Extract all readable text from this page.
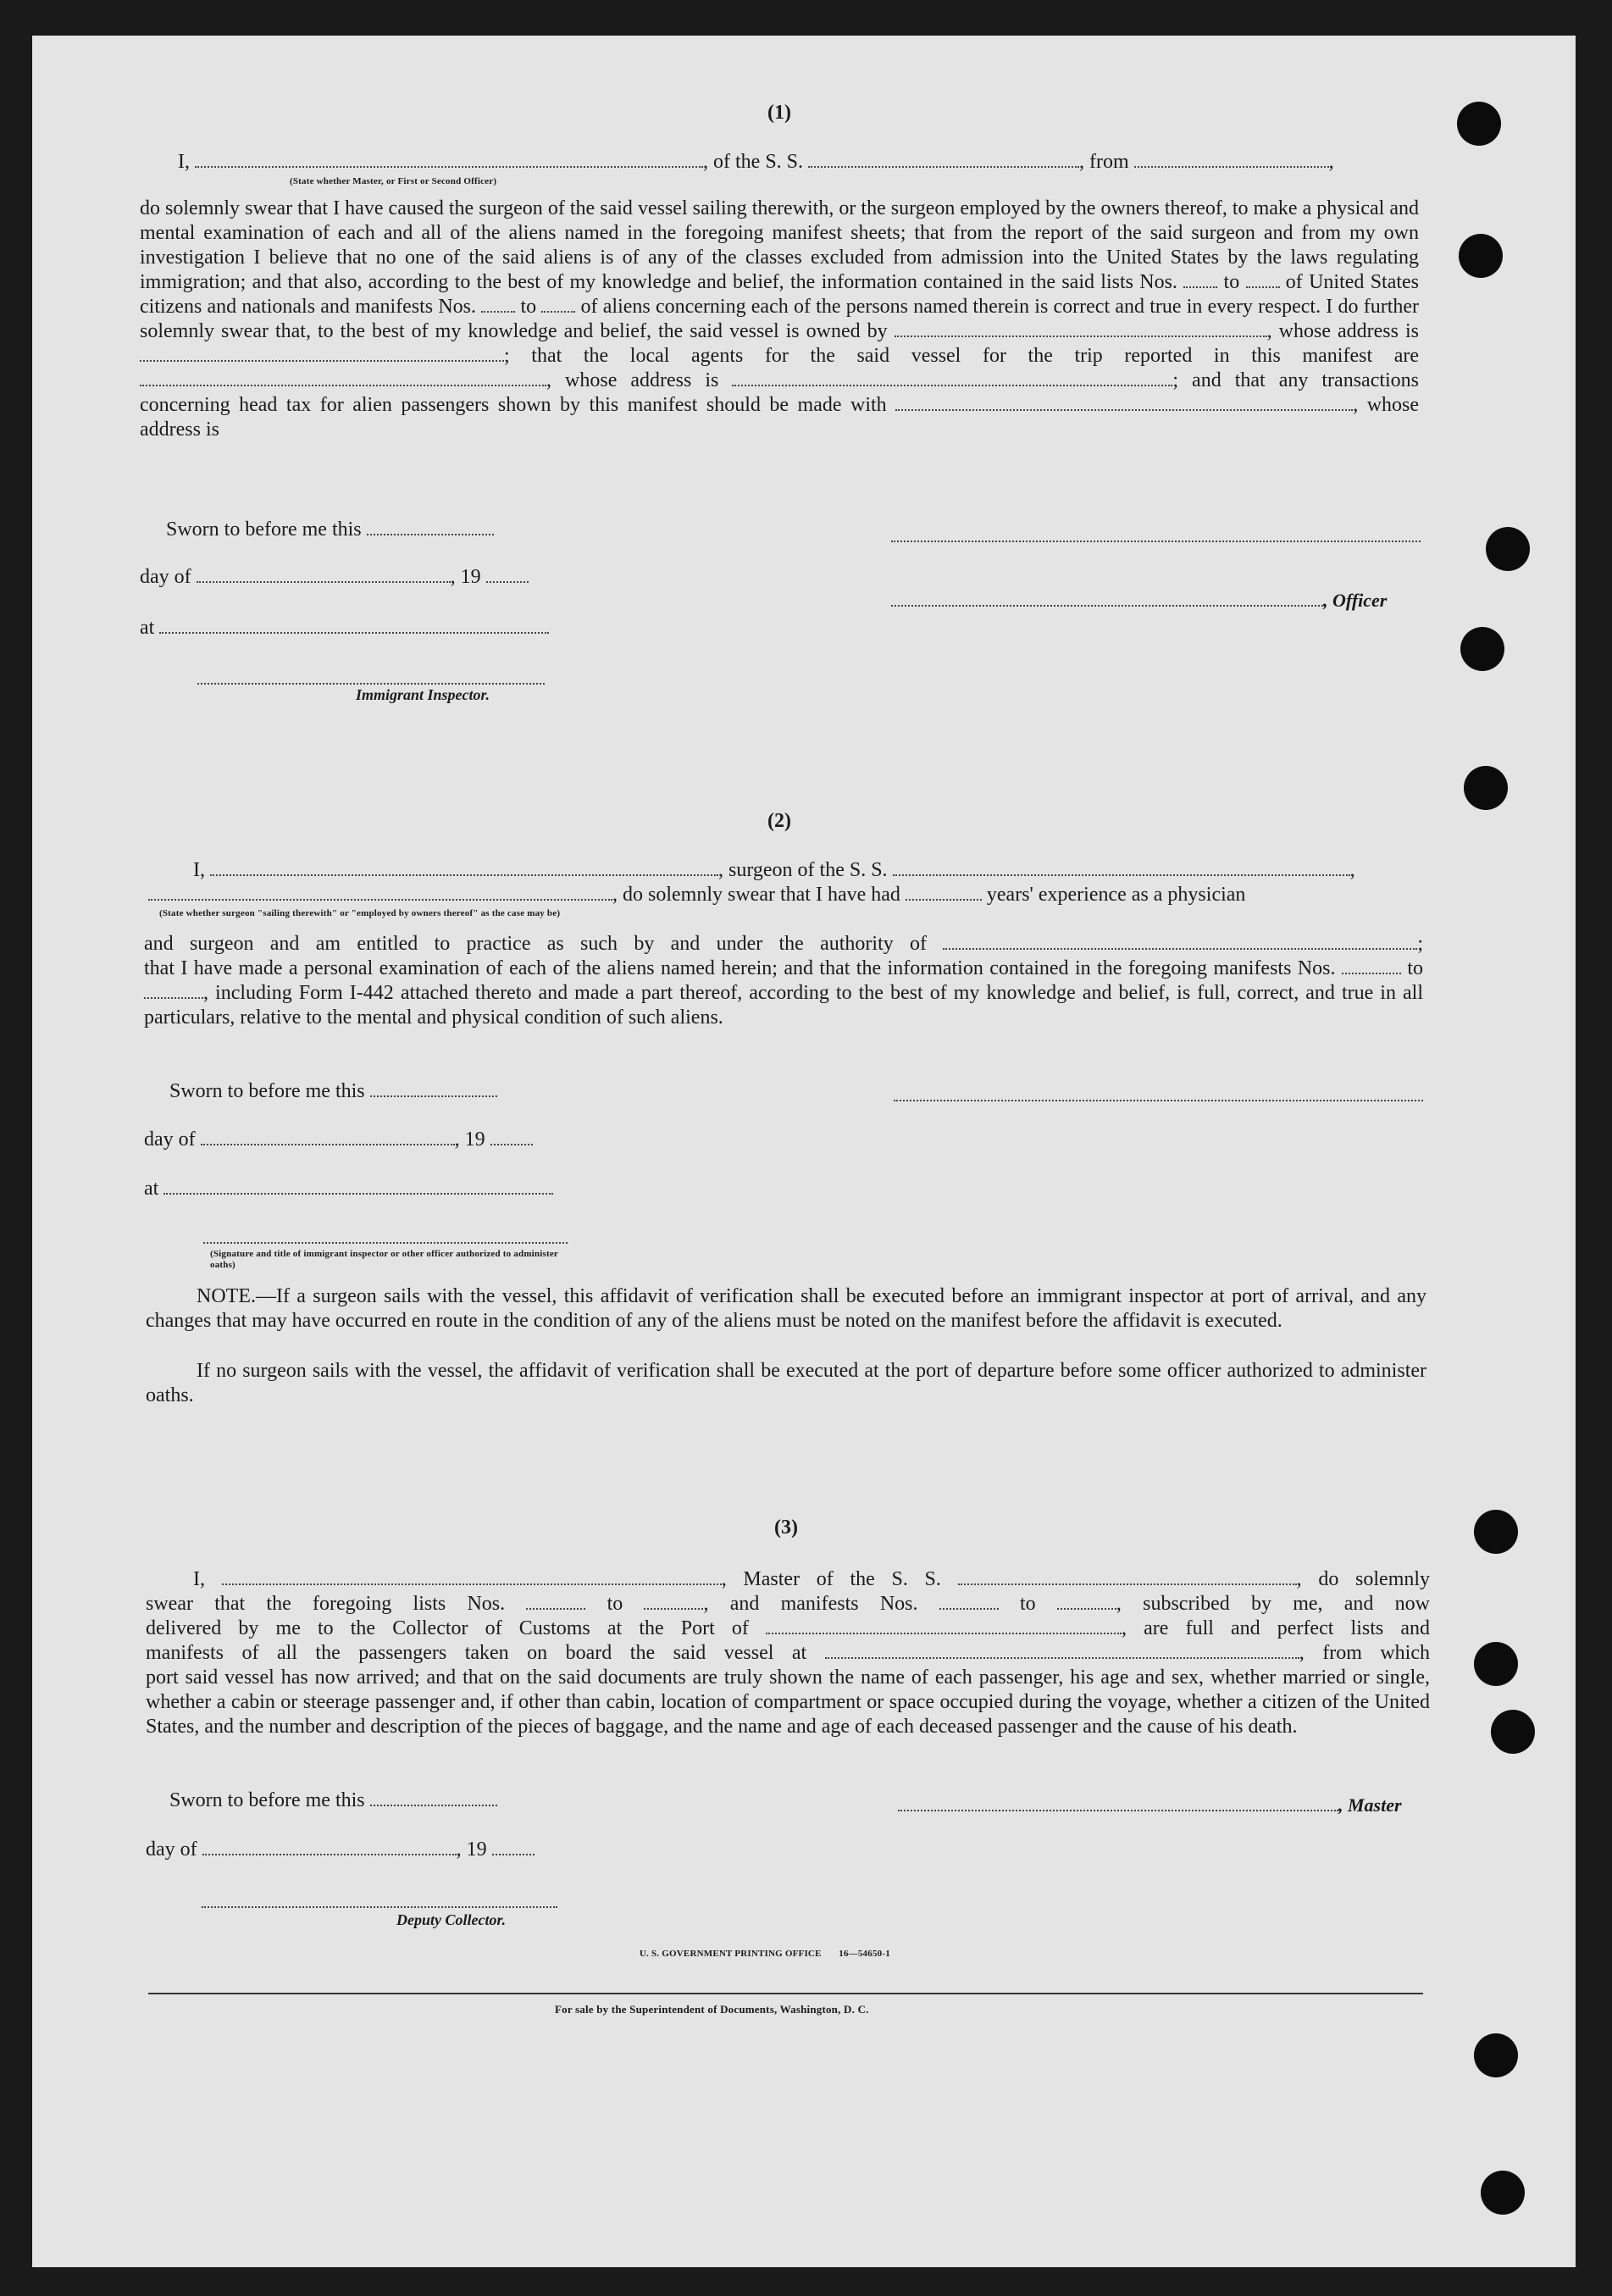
(1)
I,	, of the S. S.	, from	,
(State whether Master, or First or Second Officer)
do solemnly swear that I have caused the surgeon of the said vessel sailing therewith, or the surgeon employed by the owners thereof, to make a physical and mental examination of each and all of the aliens named in the foregoing manifest sheets; that from the report of the said surgeon and from my own investigation I believe that no one of the said aliens is of any of the classes excluded from admission into the United States by the laws regulating immigration; and that also, according to the best of my knowledge and belief, the information contained in the said lists Nos. to of United States citizens and nationals and manifests Nos. to of aliens concerning each of the persons named therein is correct and true in every respect. I do further solemnly swear that, to the best of my knowledge and belief, the said vessel is owned by	, whose address is ; that the local agents for the said vessel for the trip reported in this manifest are , whose address is	; and that any transactions concerning head tax for alien passengers shown by this manifest should be made with	, whose address is
Sworn to before me this
day of	, 19
, Officer
at
Immigrant Inspector.
(2)
I,	, surgeon of the S. S.	,
, do solemnly swear that I have had	years' experience as a physician
(State whether surgeon "sailing therewith" or "employed by owners thereof" as the case may be)
and surgeon and am entitled to practice as such by and under the authority of	;
that I have made a personal examination of each of the aliens named herein; and that the information contained in the foregoing manifests Nos.	to , including Form I-442 attached thereto and made a part thereof, according to the best of my knowledge and belief, is full, correct, and true in all particulars, relative to the mental and physical condition of such aliens.
Sworn to before me this
day of	, 19
at
(Signature and title of immigrant inspector or other officer authorized to administer oaths)
NOTE.—If a surgeon sails with the vessel, this affidavit of verification shall be executed before an immigrant inspector at port of arrival, and any changes that may have occurred en route in the condition of any of the aliens must be noted on the manifest before the affidavit is executed.
If no surgeon sails with the vessel, the affidavit of verification shall be executed at the port of departure before some officer authorized to administer oaths.
(3)
I,	, Master of the S. S.	, do solemnly
swear that the foregoing lists Nos.	to	, and manifests Nos.	to	, subscribed by me, and now
delivered by me to the Collector of Customs at the Port of	, are full and perfect lists and
manifests of all the passengers taken on board the said vessel at	, from which
port said vessel has now arrived; and that on the said documents are truly shown the name of each passenger, his age and sex, whether married or single, whether a cabin or steerage passenger and, if other than cabin, location of compartment or space occupied during the voyage, whether a citizen of the United States, and the number and description of the pieces of baggage, and the name and age of each deceased passenger and the cause of his death.
Sworn to before me this	, Master
day of	, 19
Deputy Collector.
U. S. GOVERNMENT PRINTING OFFICE       16—54650-1
For sale by the Superintendent of Documents, Washington, D. C.
